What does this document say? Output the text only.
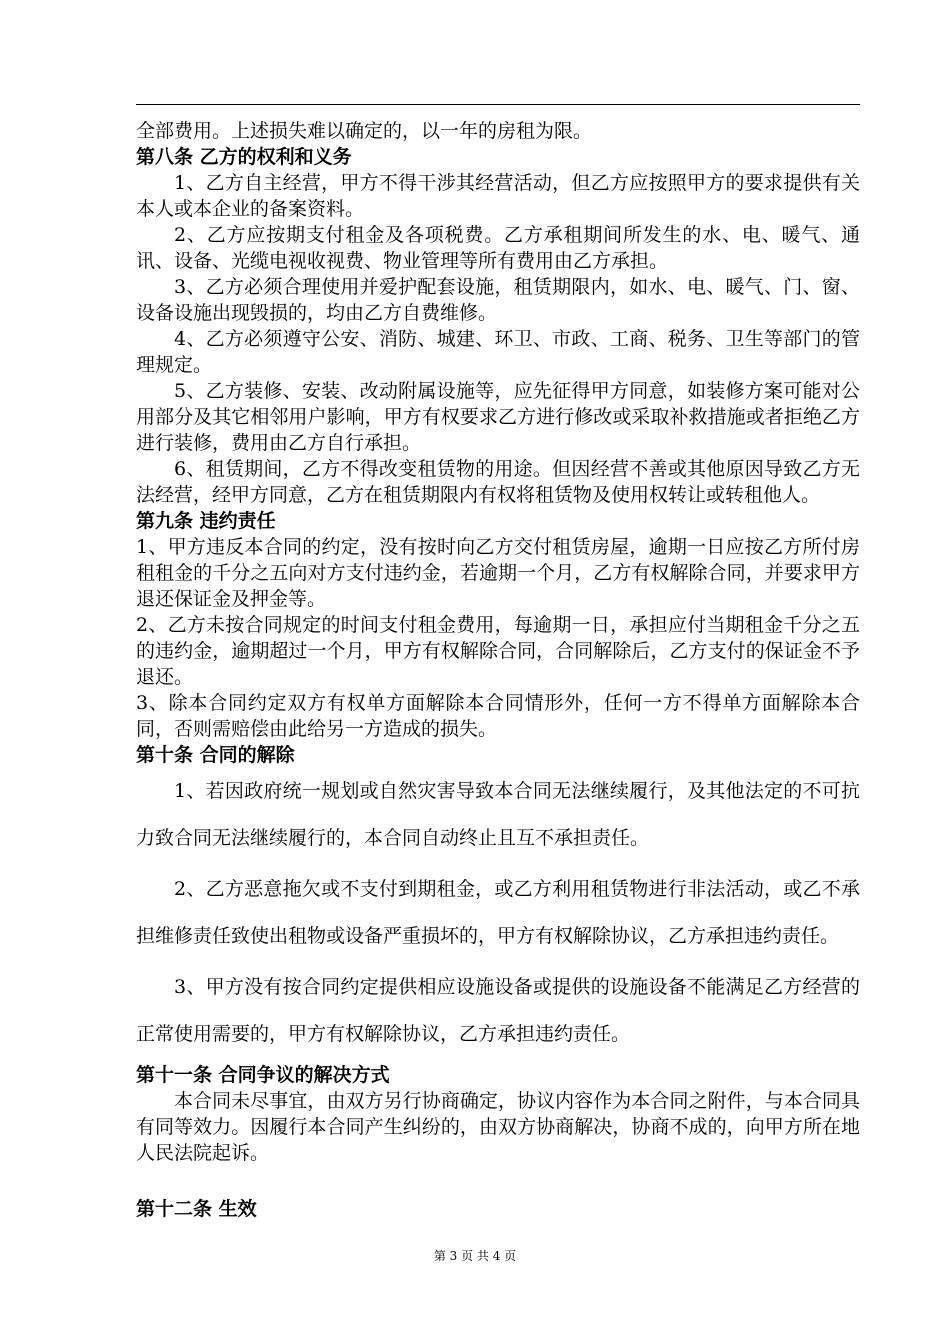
全部费用。上述损失难以确定的，以一年的房租为限。

第八条 乙方的权利和义务

1、乙方自主经营，甲方不得干涉其经营活动，但乙方应按照甲方的要求提供有关本人或本企业的备案资料。

2、乙方应按期支付租金及各项税费。乙方承租期间所发生的水、电、暖气、通讯、设备、光缆电视收视费、物业管理等所有费用由乙方承担。

3、乙方必须合理使用并爱护配套设施，租赁期限内，如水、电、暖气、门、窗、设备设施出现毁损的，均由乙方自费维修。

4、乙方必须遵守公安、消防、城建、环卫、市政、工商、税务、卫生等部门的管理规定。

5、乙方装修、安装、改动附属设施等，应先征得甲方同意，如装修方案可能对公用部分及其它相邻用户影响，甲方有权要求乙方进行修改或采取补救措施或者拒绝乙方进行装修，费用由乙方自行承担。

6、租赁期间，乙方不得改变租赁物的用途。但因经营不善或其他原因导致乙方无法经营，经甲方同意，乙方在租赁期限内有权将租赁物及使用权转让或转租他人。

第九条 违约责任

1、甲方违反本合同的约定，没有按时向乙方交付租赁房屋，逾期一日应按乙方所付房租租金的千分之五向对方支付违约金，若逾期一个月，乙方有权解除合同，并要求甲方退还保证金及押金等。

2、乙方未按合同规定的时间支付租金费用，每逾期一日，承担应付当期租金千分之五的违约金，逾期超过一个月，甲方有权解除合同，合同解除后，乙方支付的保证金不予退还。

3、除本合同约定双方有权单方面解除本合同情形外，任何一方不得单方面解除本合同，否则需赔偿由此给另一方造成的损失。

第十条 合同的解除

1、若因政府统一规划或自然灾害导致本合同无法继续履行，及其他法定的不可抗力致合同无法继续履行的，本合同自动终止且互不承担责任。

2、乙方恶意拖欠或不支付到期租金，或乙方利用租赁物进行非法活动，或乙不承担维修责任致使出租物或设备严重损坏的，甲方有权解除协议，乙方承担违约责任。

3、甲方没有按合同约定提供相应设施设备或提供的设施设备不能满足乙方经营的正常使用需要的，甲方有权解除协议，乙方承担违约责任。

第十一条 合同争议的解决方式

本合同未尽事宜，由双方另行协商确定，协议内容作为本合同之附件，与本合同具有同等效力。因履行本合同产生纠纷的，由双方协商解决，协商不成的，向甲方所在地人民法院起诉。

第十二条 生效

第 3 页 共 4 页
